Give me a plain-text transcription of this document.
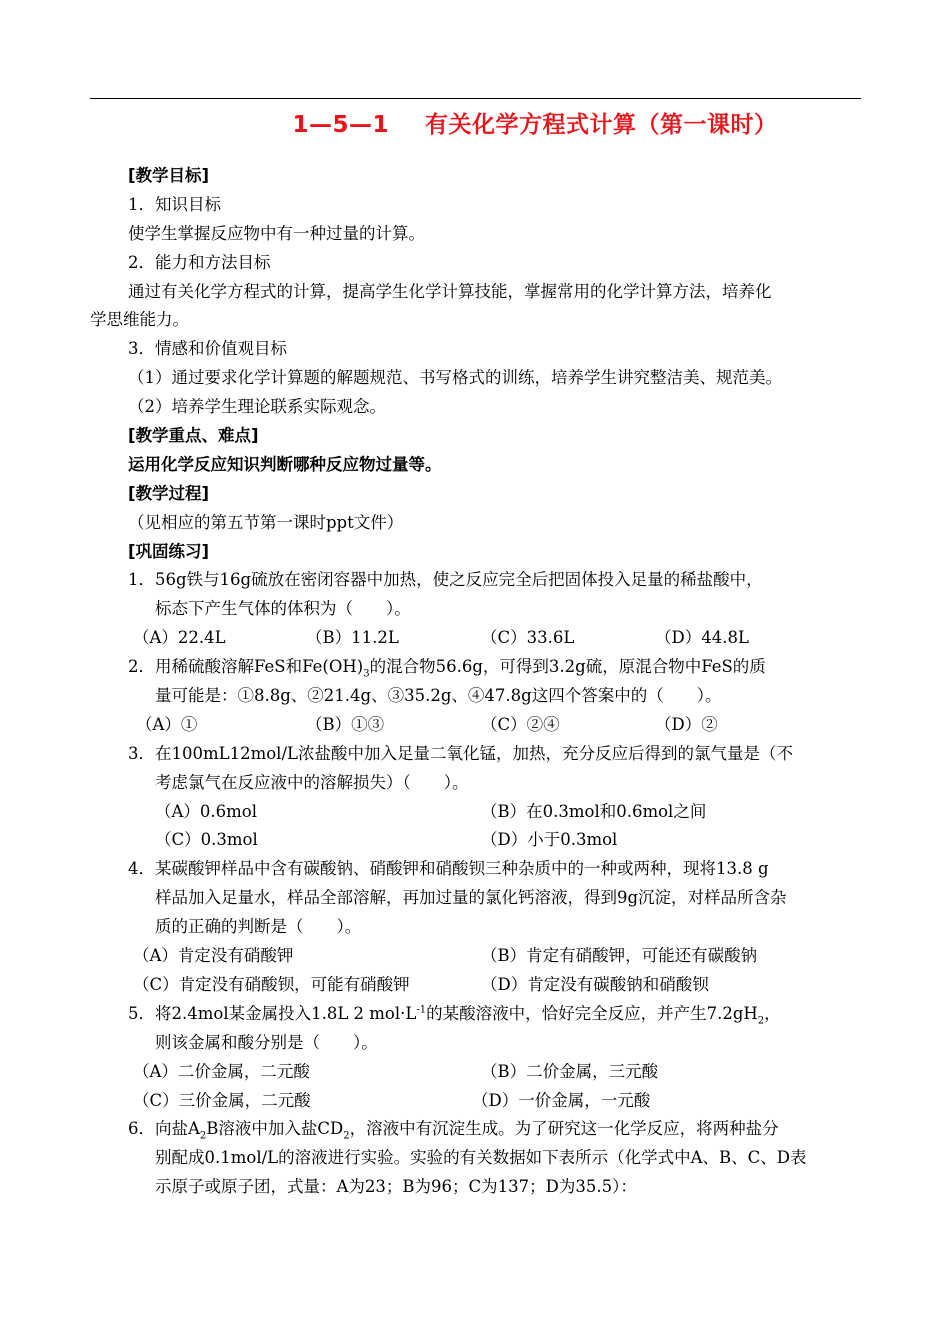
1—5—1 有关化学方程式计算（第一课时）
[教学目标]
1．知识目标
使学生掌握反应物中有一种过量的计算。
2．能力和方法目标
通过有关化学方程式的计算，提高学生化学计算技能，掌握常用的化学计算方法，培养化
学思维能力。
3．情感和价值观目标
（1）通过要求化学计算题的解题规范、书写格式的训练，培养学生讲究整洁美、规范美。
（2）培养学生理论联系实际观念。
[教学重点、难点]
运用化学反应知识判断哪种反应物过量等。
[教学过程]
（见相应的第五节第一课时ppt文件）
[巩固练习]
1．56g铁与16g硫放在密闭容器中加热，使之反应完全后把固体投入足量的稀盐酸中，
标态下产生气体的体积为（　　）。
（A）22.4L	（B）11.2L	（C）33.6L	（D）44.8L
2．用稀硫酸溶解FeS和$Fe(OH)_3$的混合物56.6g，可得到3.2g硫，原混合物中FeS的质
量可能是：①8.8g、②21.4g、③35.2g、④47.8g这四个答案中的（　　）。
（A）①	（B）①③	（C）②④	（D）②
3．在100mL12mol/L浓盐酸中加入足量二氧化锰，加热，充分反应后得到的氯气量是（不
考虑氯气在反应液中的溶解损失）（　　）。
（A）0.6mol	（B）在0.3mol和0.6mol之间
（C）0.3mol	（D）小于0.3mol
4．某碳酸钾样品中含有碳酸钠、硝酸钾和硝酸钡三种杂质中的一种或两种，现将13.8 g
样品加入足量水，样品全部溶解，再加过量的氯化钙溶液，得到9g沉淀，对样品所含杂
质的正确的判断是（　　）。
（A）肯定没有硝酸钾	（B）肯定有硝酸钾，可能还有碳酸钠
（C）肯定没有硝酸钡，可能有硝酸钾	（D）肯定没有碳酸钠和硝酸钡
5．将2.4mol某金属投入1.8L 2 $mol\cdot L^{-1}$的某酸溶液中，恰好完全反应，并产生$7.2gH_2$，
则该金属和酸分别是（　　）。
（A）二价金属，二元酸	（B）二价金属，三元酸
（C）三价金属，二元酸	（D）一价金属，一元酸
6．向盐$A_2B$溶液中加入盐$CD_2$，溶液中有沉淀生成。为了研究这一化学反应，将两种盐分
别配成0.1mol/L的溶液进行实验。实验的有关数据如下表所示（化学式中A、B、C、D表
示原子或原子团，式量：A为23；B为96；C为137；D为35.5）：
